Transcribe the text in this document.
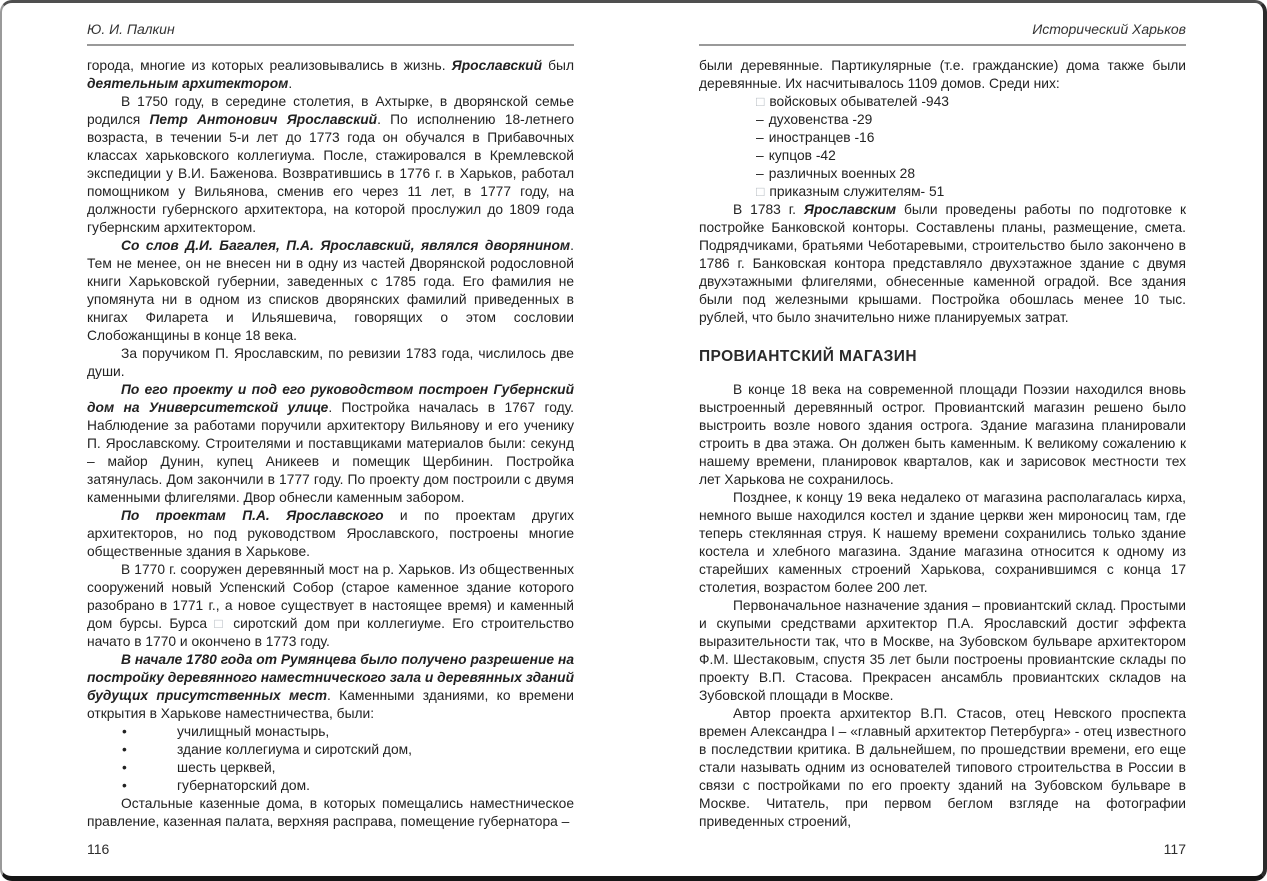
Ю. И. Палкин

города, многие из которых реализовывались в жизнь. Ярославский был деятельным архитектором.

В 1750 году, в середине столетия, в Ахтырке, в дворянской семье родился Петр Антонович Ярославский. По исполнению 18-летнего возраста, в течении 5-и лет до 1773 года он обучался в Прибавочных классах харьковского коллегиума. После, стажировался в Кремлевской экспедиции у В.И. Баженова. Возвратившись в 1776 г. в Харьков, работал помощником у Вильянова, сменив его через 11 лет, в 1777 году, на должности губернского архитектора, на которой прослужил до 1809 года губернским архитектором.

Со слов Д.И. Багалея, П.А. Ярославский, являлся дворянином. Тем не менее, он не внесен ни в одну из частей Дворянской родословной книги Харьковской губернии, заведенных с 1785 года. Его фамилия не упомянута ни в одном из списков дворянских фамилий приведенных в книгах Филарета и Ильяшевича, говорящих о этом сословии Слобожанщины в конце 18 века.

За поручиком П. Ярославским, по ревизии 1783 года, числилось две души.

По его проекту и под его руководством построен Губернский дом на Университетской улице. Постройка началась в 1767 году. Наблюдение за работами поручили архитектору Вильянову и его ученику П. Ярославскому. Строителями и поставщиками материалов были: секунд – майор Дунин, купец Аникеев и помещик Щербинин. Постройка затянулась. Дом закончили в 1777 году. По проекту дом построили с двумя каменными флигелями. Двор обнесли каменным забором.

По проектам П.А. Ярославского и по проектам других архитекторов, но под руководством Ярославского, построены многие общественные здания в Харькове.

В 1770 г. сооружен деревянный мост на р. Харьков. Из общественных сооружений новый Успенский Собор (старое каменное здание которого разобрано в 1771 г., а новое существует в настоящее время) и каменный дом бурсы. Бурса □ сиротский дом при коллегиуме. Его строительство начато в 1770 и окончено в 1773 году.

В начале 1780 года от Румянцева было получено разрешение на постройку деревянного наместнического зала и деревянных зданий будущих присутственных мест. Каменными зданиями, ко времени открытия в Харькове наместничества, были:

•	училищный монастырь,
•	здание коллегиума и сиротский дом,
•	шесть церквей,
•	губернаторский дом.

Остальные казенные дома, в которых помещались наместническое правление, казенная палата, верхняя расправа, помещение губернатора –

116
Исторический Харьков

были деревянные. Партикулярные (т.е. гражданские) дома также были деревянные. Их насчитывалось 1109 домов. Среди них:

□ войсковых обывателей -943
– духовенства -29
– иностранцев -16
– купцов -42
– различных военных 28
□ приказным служителям- 51

В 1783 г. Ярославским были проведены работы по подготовке к постройке Банковской конторы. Составлены планы, размещение, смета. Подрядчиками, братьями Чеботаревыми, строительство было закончено в 1786 г. Банковская контора представляло двухэтажное здание с двумя двухэтажными флигелями, обнесенные каменной оградой. Все здания были под железными крышами. Постройка обошлась менее 10 тыс. рублей, что было значительно ниже планируемых затрат.

ПРОВИАНТСКИЙ МАГАЗИН

В конце 18 века на современной площади Поэзии находился вновь выстроенный деревянный острог. Провиантский магазин решено было выстроить возле нового здания острога. Здание магазина планировали строить в два этажа. Он должен быть каменным. К великому сожалению к нашему времени, планировок кварталов, как и зарисовок местности тех лет Харькова не сохранилось.

Позднее, к концу 19 века недалеко от магазина располагалась кирха, немного выше находился костел и здание церкви жен мироносиц там, где теперь стеклянная струя. К нашему времени сохранились только здание костела и хлебного магазина. Здание магазина относится к одному из старейших каменных строений Харькова, сохранившимся с конца 17 столетия, возрастом более 200 лет.

Первоначальное назначение здания – провиантский склад. Простыми и скупыми средствами архитектор П.А. Ярославский достиг эффекта выразительности так, что в Москве, на Зубовском бульваре архитектором Ф.М. Шестаковым, спустя 35 лет были построены провиантские склады по проекту В.П. Стасова. Прекрасен ансамбль провиантских складов на Зубовской площади в Москве.

Автор проекта архитектор В.П. Стасов, отец Невского проспекта времен Александра I – «главный архитектор Петербурга» - отец известного в последствии критика. В дальнейшем, по прошедствии времени, его еще стали называть одним из основателей типового строительства в России в связи с постройками по его проекту зданий на Зубовском бульваре в Москве. Читатель, при первом беглом взгляде на фотографии приведенных строений,

117
